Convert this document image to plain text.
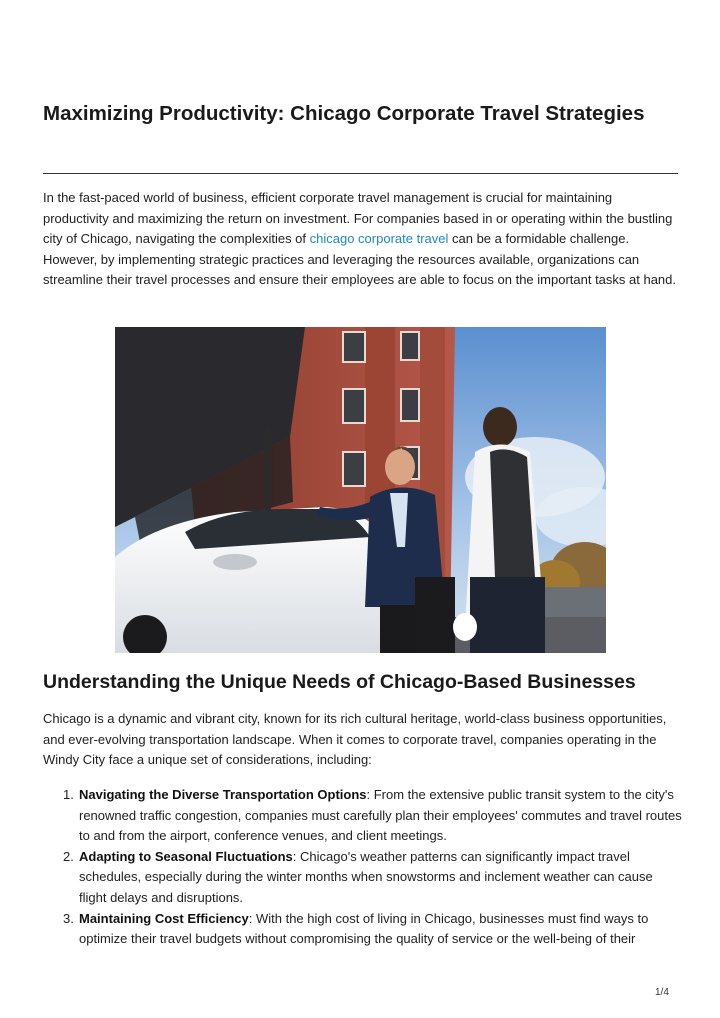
Maximizing Productivity: Chicago Corporate Travel Strategies

In the fast-paced world of business, efficient corporate travel management is crucial for maintaining productivity and maximizing the return on investment. For companies based in or operating within the bustling city of Chicago, navigating the complexities of chicago corporate travel can be a formidable challenge. However, by implementing strategic practices and leveraging the resources available, organizations can streamline their travel processes and ensure their employees are able to focus on the important tasks at hand.

Understanding the Unique Needs of Chicago-Based Businesses

Chicago is a dynamic and vibrant city, known for its rich cultural heritage, world-class business opportunities, and ever-evolving transportation landscape. When it comes to corporate travel, companies operating in the Windy City face a unique set of considerations, including:

1. Navigating the Diverse Transportation Options: From the extensive public transit system to the city's renowned traffic congestion, companies must carefully plan their employees' commutes and travel routes to and from the airport, conference venues, and client meetings.
2. Adapting to Seasonal Fluctuations: Chicago's weather patterns can significantly impact travel schedules, especially during the winter months when snowstorms and inclement weather can cause flight delays and disruptions.
3. Maintaining Cost Efficiency: With the high cost of living in Chicago, businesses must find ways to optimize their travel budgets without compromising the quality of service or the well-being of their
1/4
